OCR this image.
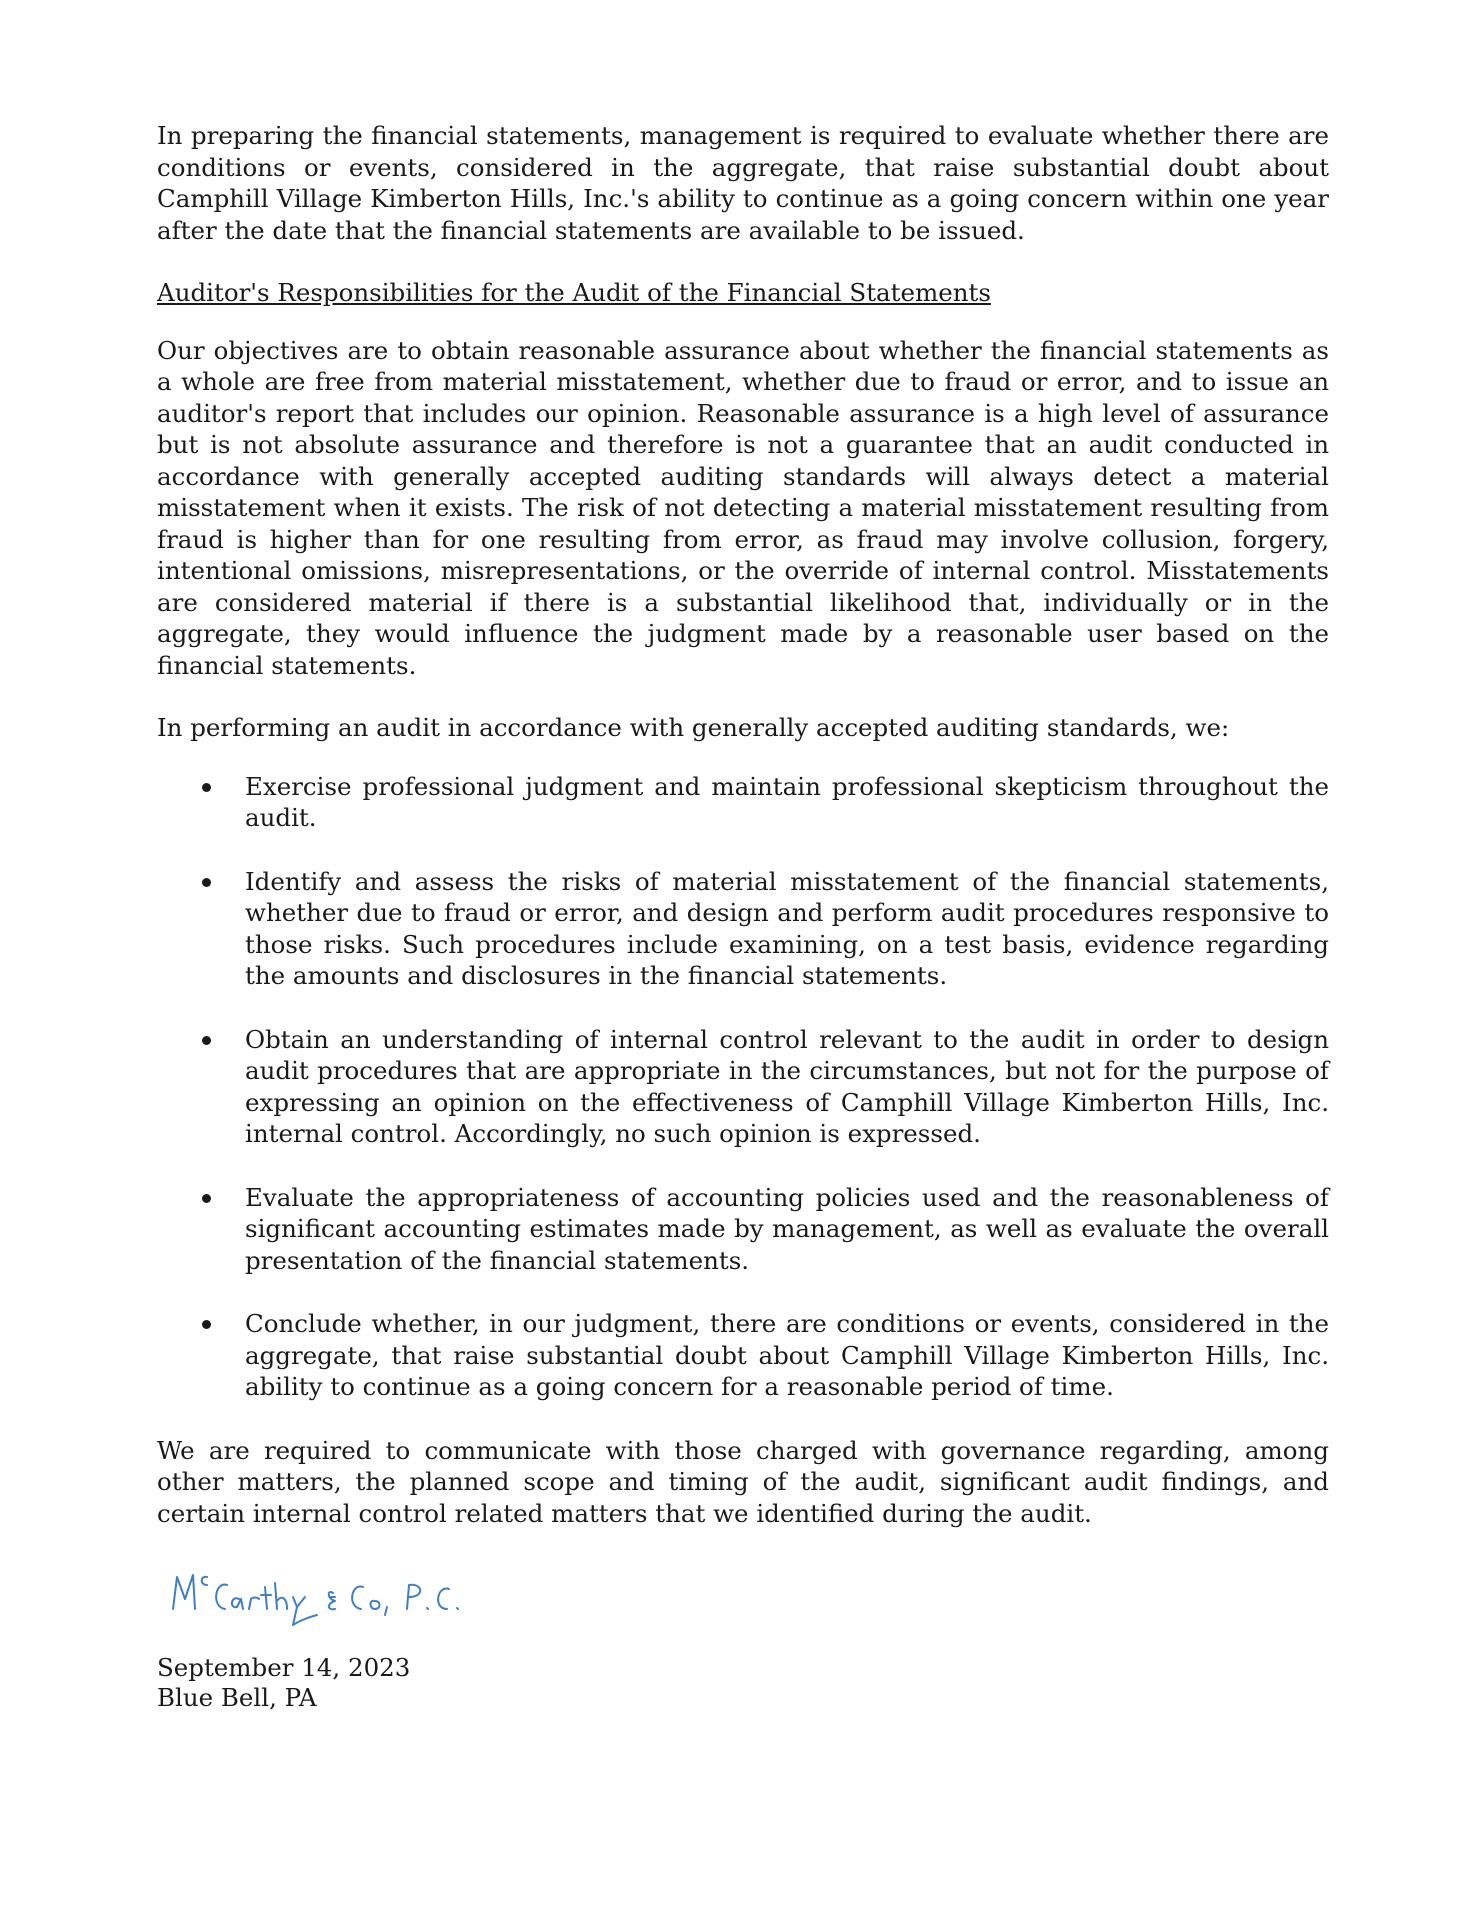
In preparing the financial statements, management is required to evaluate whether there are conditions or events, considered in the aggregate, that raise substantial doubt about Camphill Village Kimberton Hills, Inc.'s ability to continue as a going concern within one year after the date that the financial statements are available to be issued.

Auditor's Responsibilities for the Audit of the Financial Statements

Our objectives are to obtain reasonable assurance about whether the financial statements as a whole are free from material misstatement, whether due to fraud or error, and to issue an auditor's report that includes our opinion. Reasonable assurance is a high level of assurance but is not absolute assurance and therefore is not a guarantee that an audit conducted in accordance with generally accepted auditing standards will always detect a material misstatement when it exists. The risk of not detecting a material misstatement resulting from fraud is higher than for one resulting from error, as fraud may involve collusion, forgery, intentional omissions, misrepresentations, or the override of internal control. Misstatements are considered material if there is a substantial likelihood that, individually or in the aggregate, they would influence the judgment made by a reasonable user based on the financial statements.

In performing an audit in accordance with generally accepted auditing standards, we:

Exercise professional judgment and maintain professional skepticism throughout the audit.
Identify and assess the risks of material misstatement of the financial statements, whether due to fraud or error, and design and perform audit procedures responsive to those risks. Such procedures include examining, on a test basis, evidence regarding the amounts and disclosures in the financial statements.
Obtain an understanding of internal control relevant to the audit in order to design audit procedures that are appropriate in the circumstances, but not for the purpose of expressing an opinion on the effectiveness of Camphill Village Kimberton Hills, Inc. internal control. Accordingly, no such opinion is expressed.
Evaluate the appropriateness of accounting policies used and the reasonableness of significant accounting estimates made by management, as well as evaluate the overall presentation of the financial statements.
Conclude whether, in our judgment, there are conditions or events, considered in the aggregate, that raise substantial doubt about Camphill Village Kimberton Hills, Inc. ability to continue as a going concern for a reasonable period of time.

We are required to communicate with those charged with governance regarding, among other matters, the planned scope and timing of the audit, significant audit findings, and certain internal control related matters that we identified during the audit.

September 14, 2023
Blue Bell, PA
